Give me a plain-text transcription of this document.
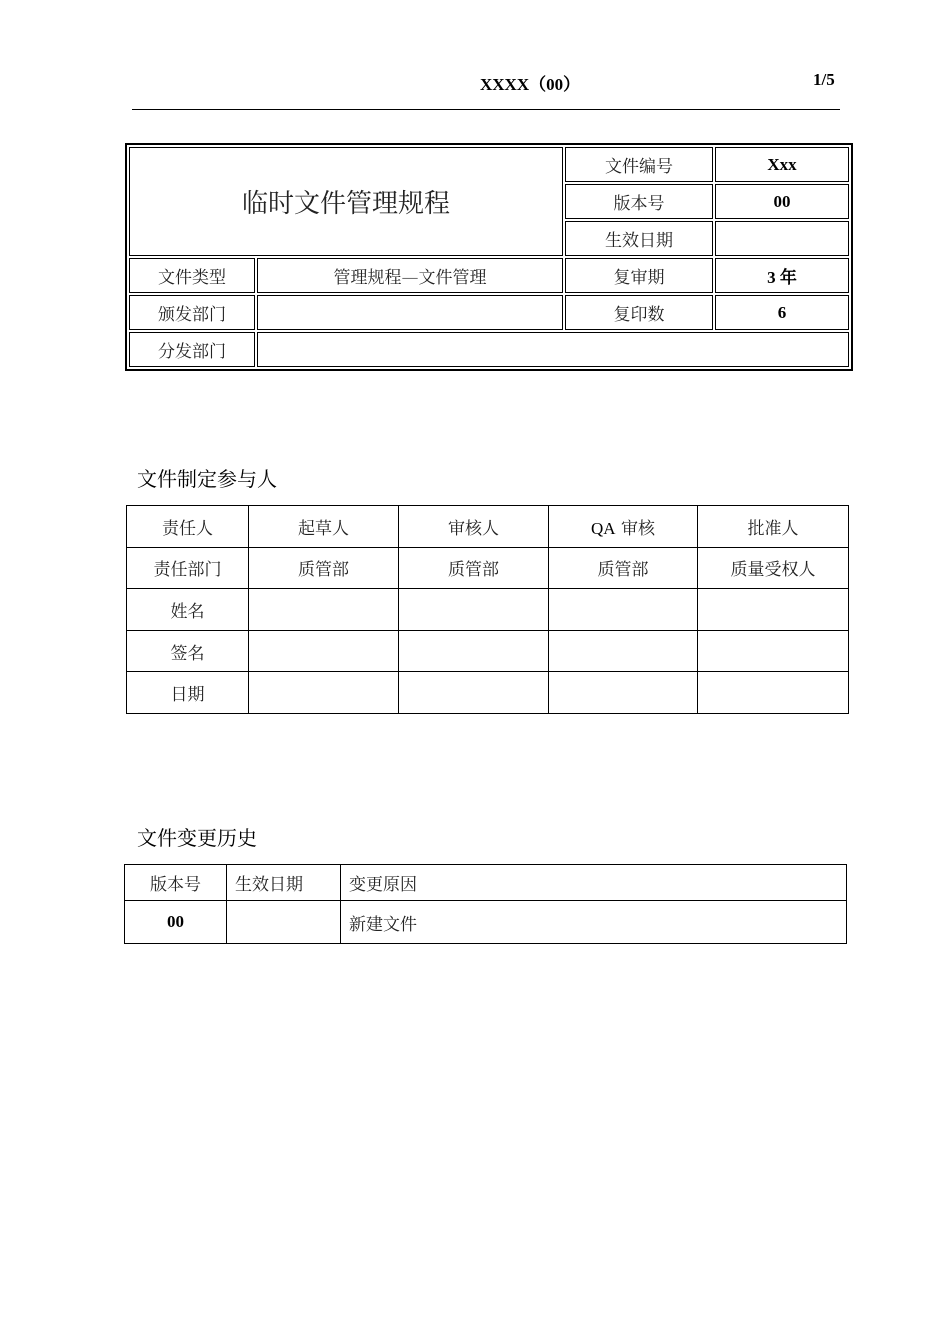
XXXX（00）	1/5
临时文件管理规程		文件编号	Xxx
		版本号	00
		生效日期	
文件类型	管理规程—文件管理	复审期	3 年
颁发部门		复印数	6
分发部门			
文件制定参与人
责任人	起草人	审核人	QA 审核	批准人
责任部门	质管部	质管部	质管部	质量受权人
姓名				
签名				
日期				
文件变更历史
版本号	生效日期	变更原因
00		新建文件
